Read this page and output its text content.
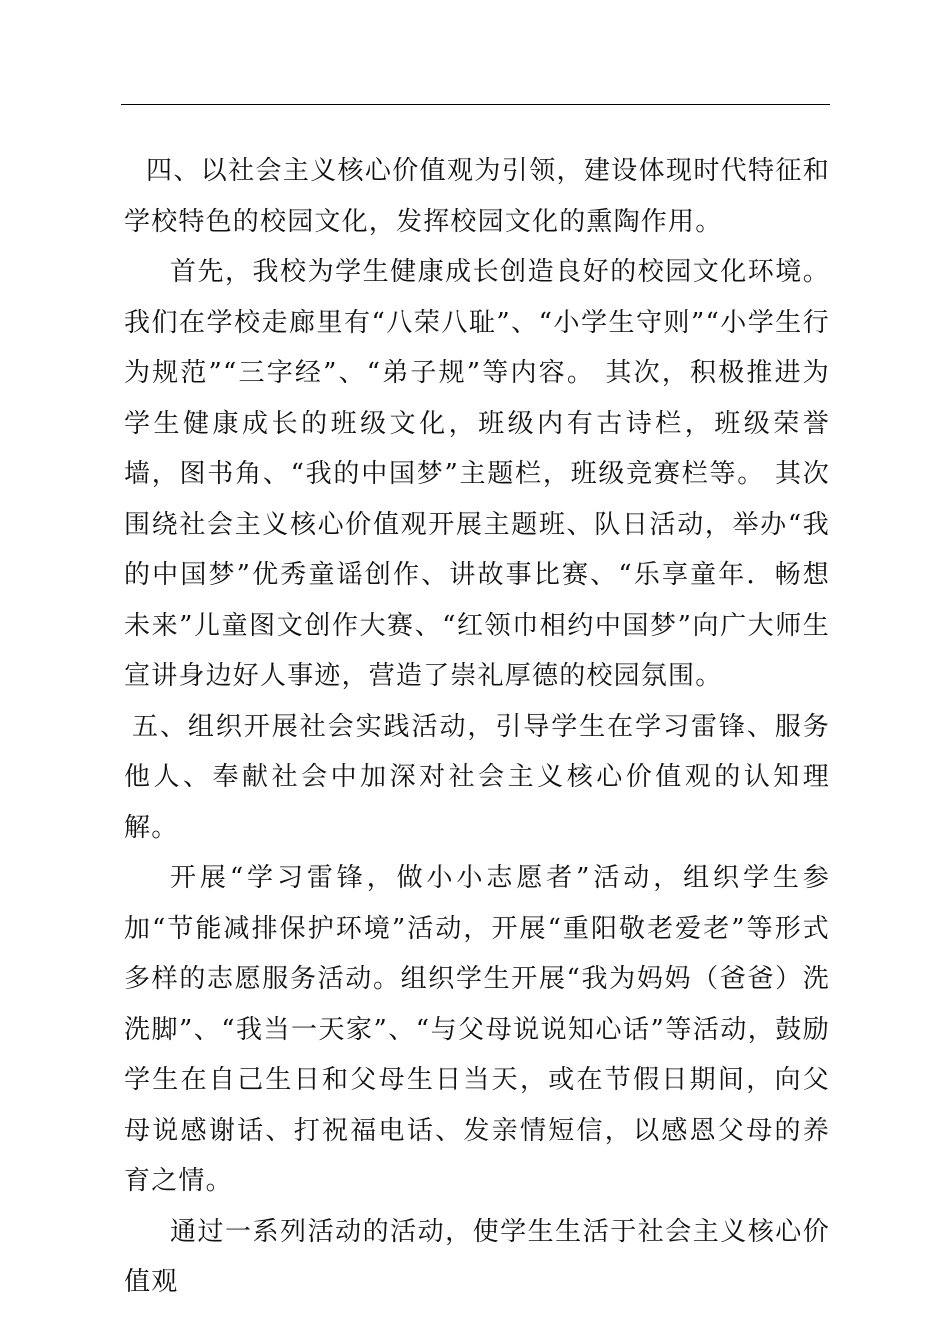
四、以社会主义核心价值观为引领，建设体现时代特征和学校特色的校园文化，发挥校园文化的熏陶作用。

首先，我校为学生健康成长创造良好的校园文化环境。我们在学校走廊里有“八荣八耻”、“小学生守则”“小学生行为规范”“三字经”、“弟子规”等内容。 其次，积极推进为学生健康成长的班级文化，班级内有古诗栏，班级荣誉墙，图书角、“我的中国梦”主题栏，班级竞赛栏等。 其次围绕社会主义核心价值观开展主题班、队日活动，举办“我的中国梦”优秀童谣创作、讲故事比赛、“乐享童年．畅想未来”儿童图文创作大赛、“红领巾相约中国梦”向广大师生宣讲身边好人事迹，营造了崇礼厚德的校园氛围。

五、组织开展社会实践活动，引导学生在学习雷锋、服务他人、奉献社会中加深对社会主义核心价值观的认知理解。

开展“学习雷锋，做小小志愿者”活动，组织学生参加“节能减排保护环境”活动，开展“重阳敬老爱老”等形式多样的志愿服务活动。组织学生开展“我为妈妈（爸爸）洗洗脚”、“我当一天家”、“与父母说说知心话”等活动，鼓励学生在自己生日和父母生日当天，或在节假日期间，向父母说感谢话、打祝福电话、发亲情短信，以感恩父母的养育之情。

通过一系列活动的活动，使学生生活于社会主义核心价值观
